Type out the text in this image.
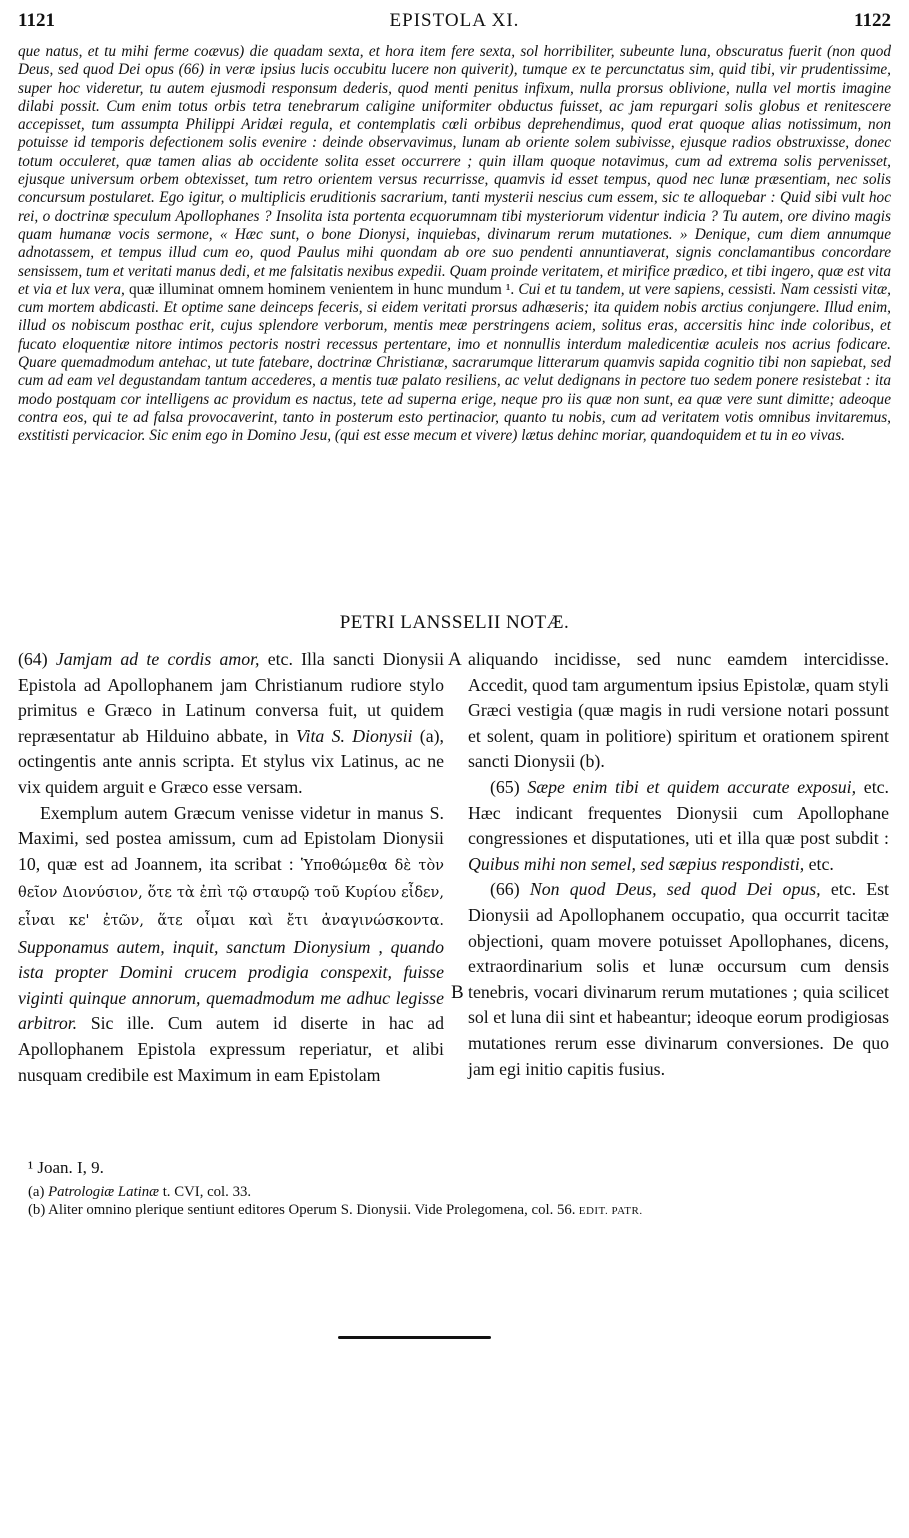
1121	EPISTOLA XI.	1122
que natus, et tu mihi ferme coævus) die quadam sexta, et hora item fere sexta, sol horribiliter, subeunte luna, obscuratus fuerit (non quod Deus, sed quod Dei opus (66) in veræ ipsius lucis occubitu lucere non quiverit), tumque ex te percunctatus sim, quid tibi, vir prudentissime, super hoc videretur, tu autem ejusmodi responsum dederis, quod menti penitus infixum, nulla prorsus oblivione, nulla vel mortis imagine dilabi possit. Cum enim totus orbis tetra tenebrarum caligine uniformiter obductus fuisset, ac jam repurgari solis globus et renitescere accepisset, tum assumpta Philippi Aridæi regula, et contemplatis cœli orbibus deprehendimus, quod erat quoque alias notissimum, non potuisse id temporis defectionem solis evenire : deinde observavimus, lunam ab oriente solem subivisse, ejusque radios obstruxisse, donec totum occuleret, quæ tamen alias ab occidente solita esset occurrere ; quin illam quoque notavimus, cum ad extrema solis pervenisset, ejusque universum orbem obtexisset, tum retro orientem versus recurrisse, quamvis id esset tempus, quod nec lunæ præsentiam, nec solis concursum postularet. Ego igitur, o multiplicis eruditionis sacrarium, tanti mysterii nescius cum essem, sic te alloquebar : Quid sibi vult hoc rei, o doctrinæ speculum Apollophanes ? Insolita ista portenta ecquorumnam tibi mysteriorum videntur indicia ? Tu autem, ore divino magis quam humanæ vocis sermone, « Hæc sunt, o bone Dionysi, inquiebas, divinarum rerum mutationes. » Denique, cum diem annumque adnotassem, et tempus illud cum eo, quod Paulus mihi quondam ab ore suo pendenti annuntiaverat, signis conclamantibus concordare sensissem, tum et veritati manus dedi, et me falsitatis nexibus expedii. Quam proinde veritatem, et mirifice prædico, et tibi ingero, quæ est vita et via et lux vera, quæ illuminat omnem hominem venientem in hunc mundum ¹. Cui et tu tandem, ut vere sapiens, cessisti. Nam cessisti vitæ, cum mortem abdicasti. Et optime sane deinceps feceris, si eidem veritati prorsus adhæseris; ita quidem nobis arctius conjungere. Illud enim, illud os nobiscum posthac erit, cujus splendore verborum, mentis meæ perstringens aciem, solitus eras, accersitis hinc inde coloribus, et fucato eloquentiæ nitore intimos pectoris nostri recessus pertentare, imo et nonnullis interdum maledicentiæ aculeis nos acrius fodicare. Quare quemadmodum antehac, ut tute fatebare, doctrinæ Christianæ, sacrarumque litterarum quamvis sapida cognitio tibi non sapiebat, sed cum ad eam vel degustandam tantum accederes, a mentis tuæ palato resiliens, ac velut dedignans in pectore tuo sedem ponere resistebat : ita modo postquam cor intelligens ac providum es nactus, tete ad superna erige, neque pro iis quæ non sunt, ea quæ vere sunt dimitte; adeoque contra eos, qui te ad falsa provocaverint, tanto in posterum esto pertinacior, quanto tu nobis, cum ad veritatem votis omnibus invitaremus, exstitisti pervicacior. Sic enim ego in Domino Jesu, (qui est esse mecum et vivere) lætus dehinc moriar, quandoquidem et tu in eo vivas.
PETRI LANSSELII NOTÆ.

(64) Jamjam ad te cordis amor, etc. Illa sancti Dionysii Epistola ad Apollophanem jam Christianum rudiore stylo primitus e Græco in Latinum conversa fuit, ut quidem repræsentatur ab Hilduino abbate, in Vita S. Dionysii (a), octingentis ante annis scripta. Et stylus vix Latinus, ac ne vix quidem arguit e Græco esse versam.

Exemplum autem Græcum venisse videtur in manus S. Maximi, sed postea amissum, cum ad Epistolam Dionysii 10, quæ est ad Joannem, ita scribat : Ὑποθώμεθα δὲ τὸν θεῖον Διονύσιον, ὅτε τὰ ἐπὶ τῷ σταυρῷ τοῦ Κυρίου εἶδεν, εἶναι κε' ἐτῶν, ἅτε οἶμαι καὶ ἔτι ἀναγινώσκοντα. Supponamus autem, inquit, sanctum Dionysium , quando ista propter Domini crucem prodigia conspexit, fuisse viginti quinque annorum, quemadmodum me adhuc legisse arbitror. Sic ille. Cum autem id diserte in hac ad Apollophanem Epistola expressum reperiatur, et alibi nusquam credibile est Maximum in eam Epistolam

A
B

aliquando incidisse, sed nunc eamdem intercidisse. Accedit, quod tam argumentum ipsius Epistolæ, quam styli Græci vestigia (quæ magis in rudi versione notari possunt et solent, quam in politiore) spiritum et orationem spirent sancti Dionysii (b).

(65) Sæpe enim tibi et quidem accurate exposui, etc. Hæc indicant frequentes Dionysii cum Apollophane congressiones et disputationes, uti et illa quæ post subdit : Quibus mihi non semel, sed sæpius respondisti, etc.

(66) Non quod Deus, sed quod Dei opus, etc. Est Dionysii ad Apollophanem occupatio, qua occurrit tacitæ objectioni, quam movere potuisset Apollophanes, dicens, extraordinarium solis et lunæ occursum cum densis tenebris, vocari divinarum rerum mutationes ; quia scilicet sol et luna dii sint et habeantur; ideoque eorum prodigiosas mutationes rerum esse divinarum conversiones. De quo jam egi initio capitis fusius.

¹ Joan. I, 9.
(a) Patrologiæ Latinæ t. CVI, col. 33.
(b) Aliter omnino plerique sentiunt editores Operum S. Dionysii. Vide Prolegomena, col. 56. EDIT. PATR.
